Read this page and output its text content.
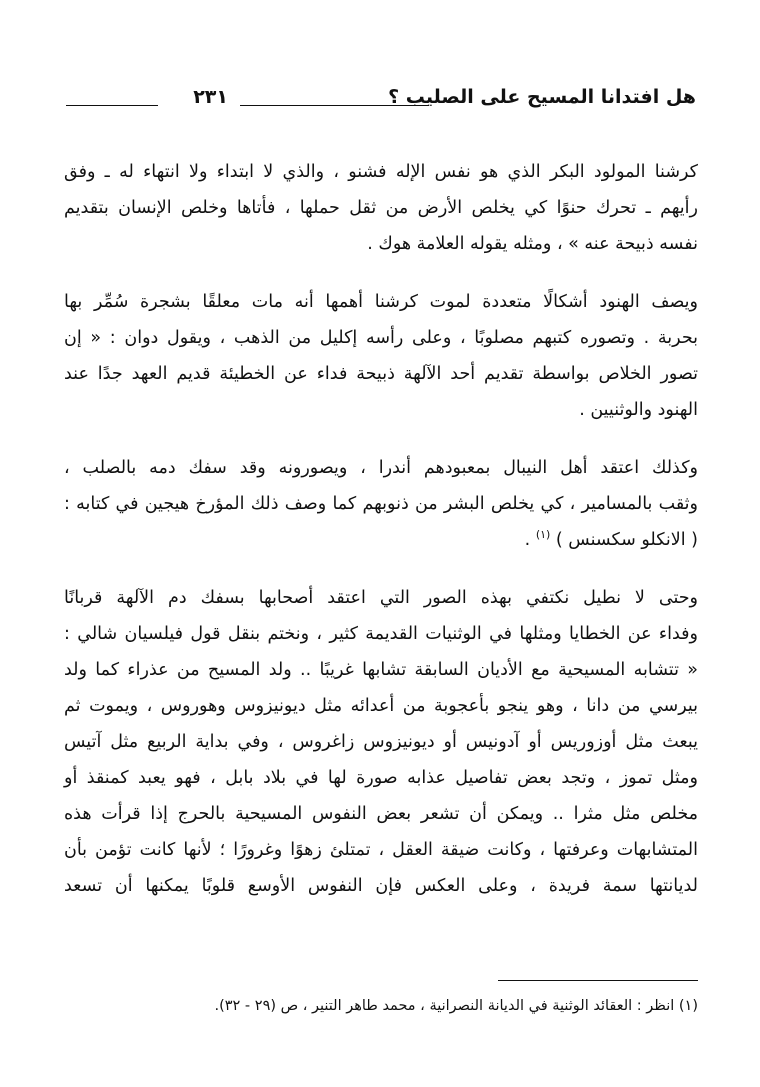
هل افتدانا المسيح على الصليب ؟
٢٣١
كرشنا المولود البكر الذي هو نفس الإله فشنو ، والذي لا ابتداء ولا انتهاء له ـ وفق
رأيهم ـ تحرك حنوًا كي يخلص الأرض من ثقل حملها ، فأتاها وخلص الإنسان بتقديم
نفسه ذبيحة عنه » ، ومثله يقوله العلامة هوك .
ويصف الهنود أشكالًا متعددة لموت كرشنا أهمها أنه مات معلقًا بشجرة سُمِّر بها
بحربة . وتصوره كتبهم مصلوبًا ، وعلى رأسه إكليل من الذهب ، ويقول دوان : « إن
تصور الخلاص بواسطة تقديم أحد الآلهة ذبيحة فداء عن الخطيئة قديم العهد جدًا عند
الهنود والوثنيين .
وكذلك اعتقد أهل النيبال بمعبودهم أندرا ، ويصورونه وقد سفك دمه بالصلب ،
وثقب بالمسامير ، كي يخلص البشر من ذنوبهم كما وصف ذلك المؤرخ هيجين في كتابه :
( الانكلو سكسنس ) $^{(١)}$ .
وحتى لا نطيل نكتفي بهذه الصور التي اعتقد أصحابها بسفك دم الآلهة قربانًا
وفداء عن الخطايا ومثلها في الوثنيات القديمة كثير ، ونختم بنقل قول فيلسيان شالي :
« تتشابه المسيحية مع الأديان السابقة تشابها غريبًا .. ولد المسيح من عذراء كما ولد
بيرسي من دانا ، وهو ينجو بأعجوبة من أعدائه مثل ديونيزوس وهوروس ، ويموت ثم
يبعث مثل أوزوريس أو آدونيس أو ديونيزوس زاغروس ، وفي بداية الربيع مثل آتيس
ومثل تموز ، وتجد بعض تفاصيل عذابه صورة لها في بلاد بابل ، فهو يعبد كمنقذ أو
مخلص مثل مثرا .. ويمكن أن تشعر بعض النفوس المسيحية بالحرج إذا قرأت هذه
المتشابهات وعرفتها ، وكانت ضيقة العقل ، تمتلئ زهوًا وغرورًا ؛ لأنها كانت تؤمن بأن
لديانتها سمة فريدة ، وعلى العكس فإن النفوس الأوسع قلوبًا يمكنها أن تسعد
(١) انظر : العقائد الوثنية في الديانة النصرانية ، محمد طاهر التنير ، ص (٢٩ - ٣٢).
